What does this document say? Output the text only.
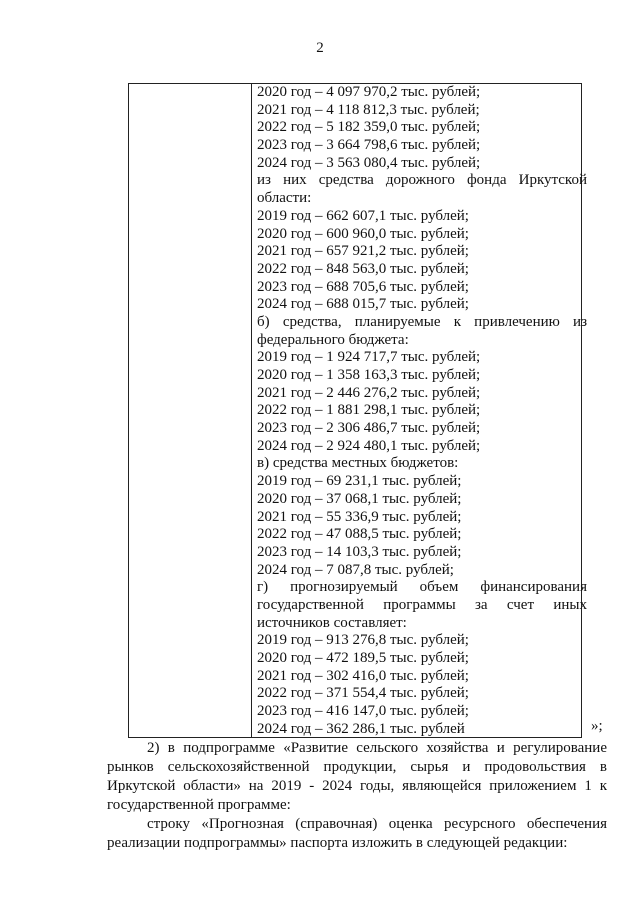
2
2020 год – 4 097 970,2 тыс. рублей;
2021 год – 4 118 812,3 тыс. рублей;
2022 год – 5 182 359,0 тыс. рублей;
2023 год – 3 664 798,6 тыс. рублей;
2024 год – 3 563 080,4 тыс. рублей;
из них средства дорожного фонда Иркутской
области:
2019 год – 662 607,1 тыс. рублей;
2020 год – 600 960,0 тыс. рублей;
2021 год – 657 921,2 тыс. рублей;
2022 год – 848 563,0 тыс. рублей;
2023 год – 688 705,6 тыс. рублей;
2024 год – 688 015,7 тыс. рублей;
б) средства, планируемые к привлечению из
федерального бюджета:
2019 год – 1 924 717,7 тыс. рублей;
2020 год – 1 358 163,3 тыс. рублей;
2021 год – 2 446 276,2 тыс. рублей;
2022 год – 1 881 298,1 тыс. рублей;
2023 год – 2 306 486,7 тыс. рублей;
2024 год – 2 924 480,1 тыс. рублей;
в) средства местных бюджетов:
2019 год – 69 231,1 тыс. рублей;
2020 год – 37 068,1 тыс. рублей;
2021 год – 55 336,9 тыс. рублей;
2022 год – 47 088,5 тыс. рублей;
2023 год – 14 103,3 тыс. рублей;
2024 год – 7 087,8 тыс. рублей;
г) прогнозируемый объем финансирования
государственной программы за счет иных
источников составляет:
2019 год – 913 276,8 тыс. рублей;
2020 год – 472 189,5 тыс. рублей;
2021 год – 302 416,0 тыс. рублей;
2022 год – 371 554,4 тыс. рублей;
2023 год – 416 147,0 тыс. рублей;
2024 год – 362 286,1 тыс. рублей	»;
2) в подпрограмме «Развитие сельского хозяйства и регулирование
рынков сельскохозяйственной продукции, сырья и продовольствия в
Иркутской области» на 2019 - 2024 годы, являющейся приложением 1 к
государственной программе:
строку «Прогнозная (справочная) оценка ресурсного обеспечения
реализации подпрограммы» паспорта изложить в следующей редакции:
